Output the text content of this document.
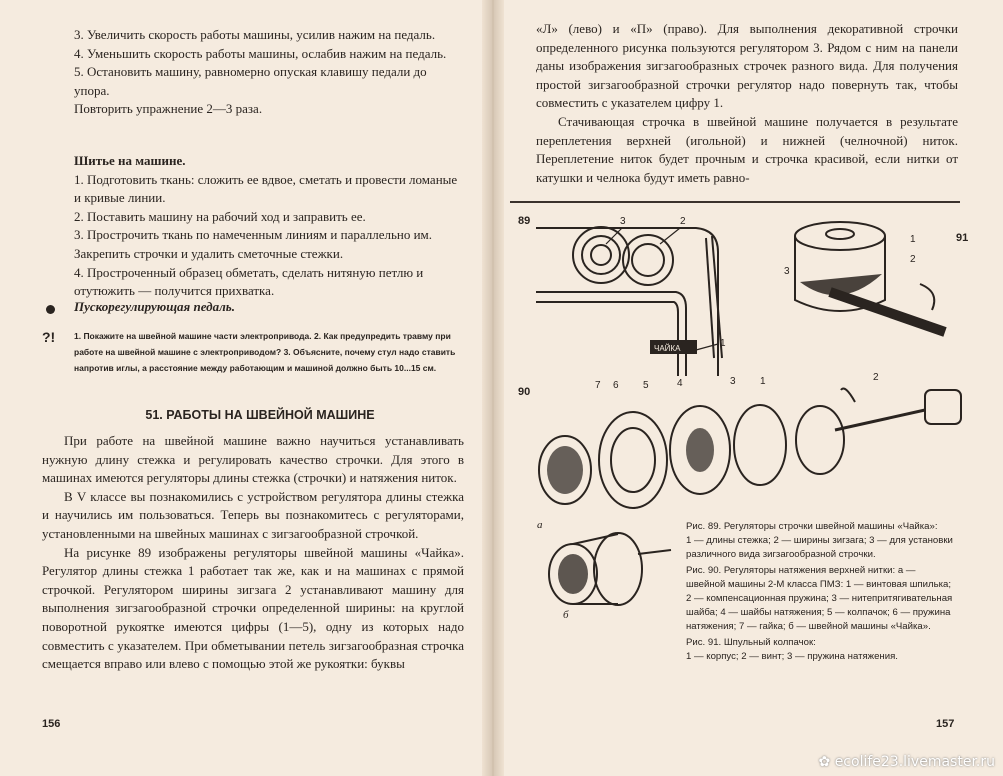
3. Увеличить скорость работы машины, усилив нажим на педаль.

4. Уменьшить скорость работы машины, ослабив нажим на педаль.

5. Остановить машину, равномерно опуская клавишу педали до упора.

Повторить упражнение 2—3 раза.

Шитье на машине.

1. Подготовить ткань: сложить ее вдвое, сметать и провести ломаные и кривые линии.

2. Поставить машину на рабочий ход и заправить ее.

3. Прострочить ткань по намеченным линиям и параллельно им. Закрепить строчки и удалить сметочные стежки.

4. Простроченный образец обметать, сделать нитяную петлю и отутюжить — получится прихватка.

Пускорегулирующая педаль.
?! 1. Покажите на швейной машине части электропривода. 2. Как предупредить травму при работе на швейной машине с электроприводом? 3. Объясните, почему стул надо ставить напротив иглы, а расстояние между работающим и машиной должно быть 10...15 см.
51. РАБОТЫ НА ШВЕЙНОЙ МАШИНЕ

При работе на швейной машине важно научиться устанавливать нужную длину стежка и регулировать качество строчки. Для этого в машинах имеются регуляторы длины стежка (строчки) и натяжения ниток.

В V классе вы познакомились с устройством регулятора длины стежка и научились им пользоваться. Теперь вы познакомитесь с регуляторами, установленными на швейных машинах с зигзагообразной строчкой.

На рисунке 89 изображены регуляторы швейной машины «Чайка». Регулятор длины стежка 1 работает так же, как и на машинах с прямой строчкой. Регулятором ширины зигзага 2 устанавливают машину для выполнения зигзагообразной строчки определенной ширины: на круглой поворотной рукоятке имеются цифры (1—5), одну из которых надо совместить с указателем. При обметывании петель зигзагообразная строчка смещается вправо или влево с помощью этой же рукоятки: буквы

156

«Л» (лево) и «П» (право). Для выполнения декоративной строчки определенного рисунка пользуются регулятором 3. Рядом с ним на панели даны изображения зигзагообразных строчек разного вида. Для получения простой зигзагообразной строчки регулятор надо повернуть так, чтобы совместить с указателем цифру 1.

Стачивающая строчка в швейной машине получается в результате переплетения верхней (игольной) и нижней (челночной) ниток. Переплетение ниток будет прочным и строчка красивой, если нитки от катушки и челнока будут иметь равно-

89	3	2
1
ЧАЙКА
91
1
2
3
90
7 6 5	4	3 1	2
а
б
Рис. 89. Регуляторы строчки швейной машины «Чайка»:
1 — длины стежка; 2 — ширины зигзага; 3 — для установки различного вида зигзагообразной строчки.
Рис. 90. Регуляторы натяжения верхней нитки: а — швейной машины 2-М класса ПМЗ: 1 — винтовая шпилька; 2 — компенсационная пружина; 3 — нитепритягивательная шайба; 4 — шайбы натяжения; 5 — колпачок; 6 — пружина натяжения; 7 — гайка; б — швейной машины «Чайка».
Рис. 91. Шпульный колпачок:
1 — корпус; 2 — винт; 3 — пружина натяжения.
157
✿ ecolife23.livemaster.ru
